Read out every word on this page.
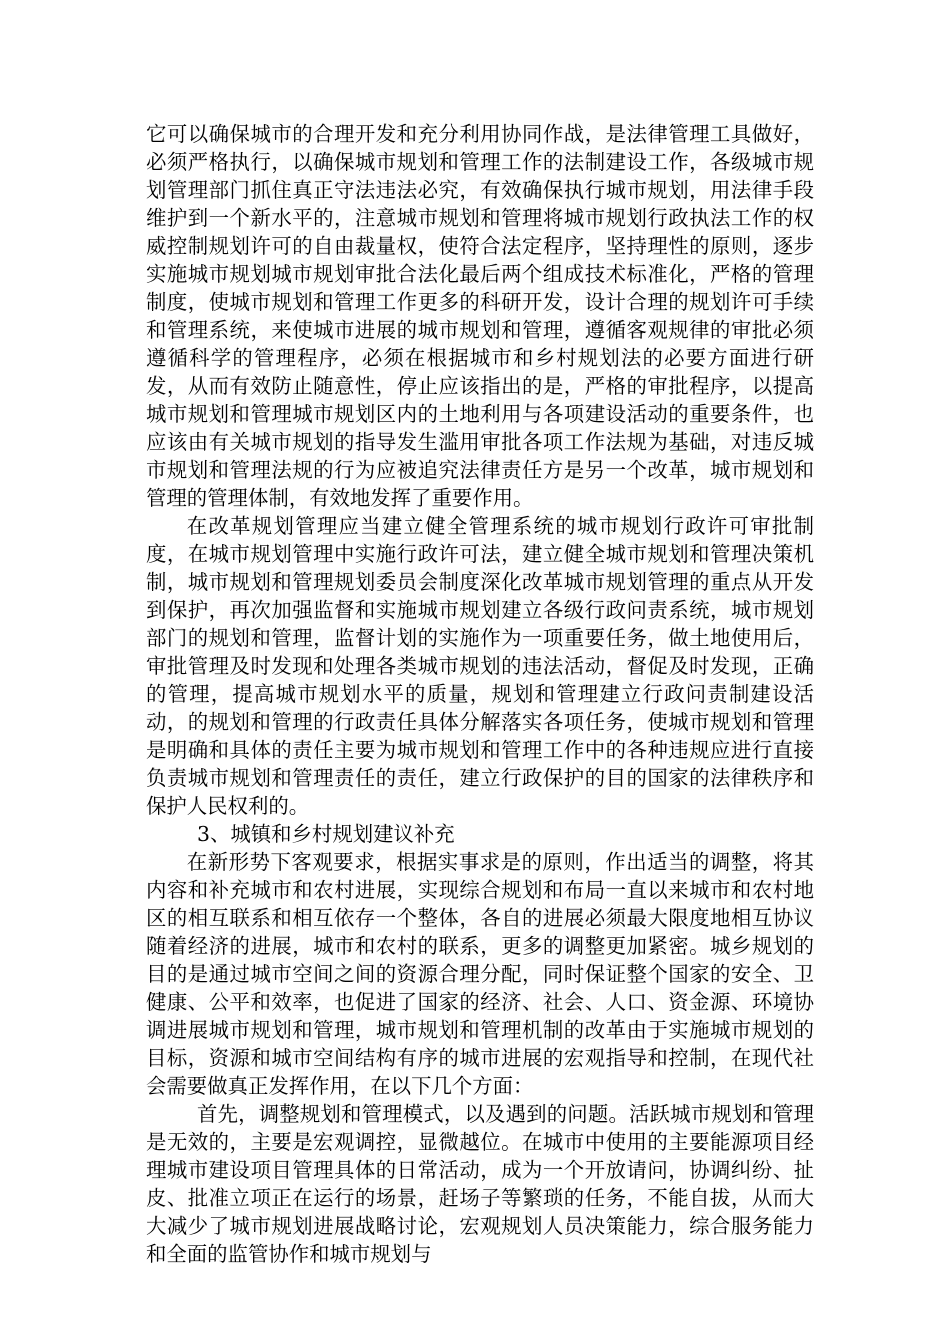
它可以确保城市的合理开发和充分利用协同作战，是法律管理工具做好，必须严格执行，以确保城市规划和管理工作的法制建设工作，各级城市规划管理部门抓住真正守法违法必究，有效确保执行城市规划，用法律手段维护到一个新水平的，注意城市规划和管理将城市规划行政执法工作的权威控制规划许可的自由裁量权，使符合法定程序，坚持理性的原则，逐步实施城市规划城市规划审批合法化最后两个组成技术标准化，严格的管理制度，使城市规划和管理工作更多的科研开发，设计合理的规划许可手续和管理系统，来使城市进展的城市规划和管理，遵循客观规律的审批必须遵循科学的管理程序，必须在根据城市和乡村规划法的必要方面进行研发，从而有效防止随意性，停止应该指出的是，严格的审批程序，以提高城市规划和管理城市规划区内的土地利用与各项建设活动的重要条件，也应该由有关城市规划的指导发生滥用审批各项工作法规为基础，对违反城市规划和管理法规的行为应被追究法律责任方是另一个改革，城市规划和管理的管理体制，有效地发挥了重要作用。

在改革规划管理应当建立健全管理系统的城市规划行政许可审批制度，在城市规划管理中实施行政许可法，建立健全城市规划和管理决策机制，城市规划和管理规划委员会制度深化改革城市规划管理的重点从开发到保护，再次加强监督和实施城市规划建立各级行政问责系统，城市规划部门的规划和管理，监督计划的实施作为一项重要任务，做土地使用后，审批管理及时发现和处理各类城市规划的违法活动，督促及时发现，正确的管理，提高城市规划水平的质量，规划和管理建立行政问责制建设活动，的规划和管理的行政责任具体分解落实各项任务，使城市规划和管理是明确和具体的责任主要为城市规划和管理工作中的各种违规应进行直接负责城市规划和管理责任的责任，建立行政保护的目的国家的法律秩序和保护人民权利的。

3、城镇和乡村规划建议补充

在新形势下客观要求，根据实事求是的原则，作出适当的调整，将其内容和补充城市和农村进展，实现综合规划和布局一直以来城市和农村地区的相互联系和相互依存一个整体，各自的进展必须最大限度地相互协议随着经济的进展，城市和农村的联系，更多的调整更加紧密。城乡规划的目的是通过城市空间之间的资源合理分配，同时保证整个国家的安全、卫健康、公平和效率，也促进了国家的经济、社会、人口、资金源、环境协调进展城市规划和管理，城市规划和管理机制的改革由于实施城市规划的目标，资源和城市空间结构有序的城市进展的宏观指导和控制，在现代社会需要做真正发挥作用，在以下几个方面：

首先，调整规划和管理模式，以及遇到的问题。活跃城市规划和管理是无效的，主要是宏观调控，显微越位。在城市中使用的主要能源项目经理城市建设项目管理具体的日常活动，成为一个开放请问，协调纠纷、扯皮、批准立项正在运行的场景，赶场子等繁琐的任务，不能自拔，从而大大减少了城市规划进展战略讨论，宏观规划人员决策能力，综合服务能力和全面的监管协作和城市规划与
